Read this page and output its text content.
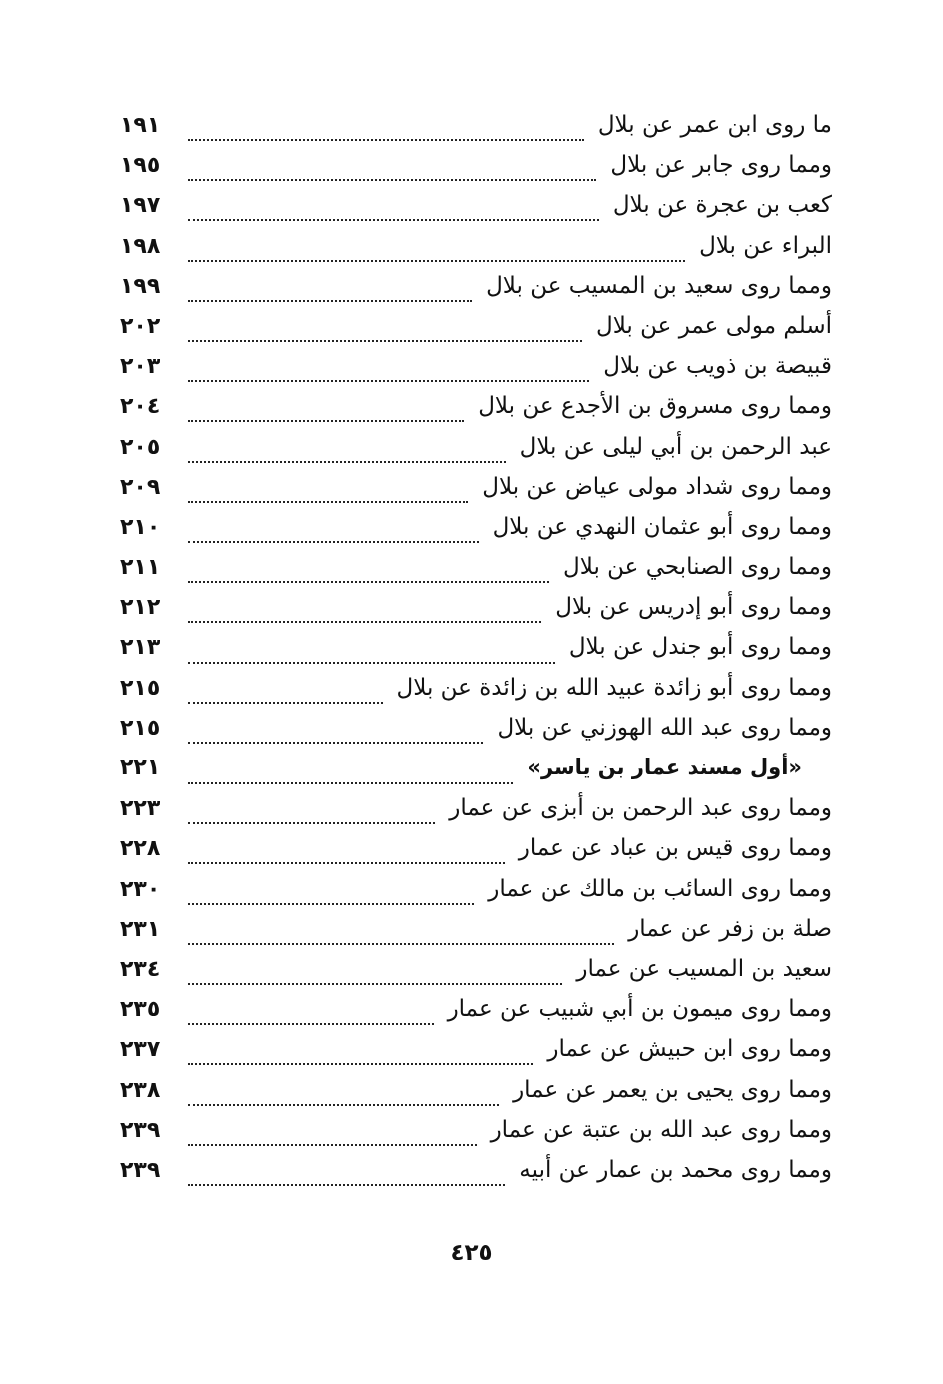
ما روى ابن عمر عن بلال
١٩١
ومما روى جابر عن بلال
١٩٥
كعب بن عجرة عن بلال
١٩٧
البراء عن بلال
١٩٨
ومما روى سعيد بن المسيب عن بلال
١٩٩
أسلم مولى عمر عن بلال
٢٠٢
قبيصة بن ذويب عن بلال
٢٠٣
ومما روى مسروق بن الأجدع عن بلال
٢٠٤
عبد الرحمن بن أبي ليلى عن بلال
٢٠٥
ومما روى شداد مولى عياض عن بلال
٢٠٩
ومما روى أبو عثمان النهدي عن بلال
٢١٠
ومما روى الصنابحي عن بلال
٢١١
ومما روى أبو إدريس عن بلال
٢١٢
ومما روى أبو جندل عن بلال
٢١٣
ومما روى أبو زائدة عبيد الله بن زائدة عن بلال
٢١٥
ومما روى عبد الله الهوزني عن بلال
٢١٥
«أول مسند عمار بن ياسر»
٢٢١
ومما روى عبد الرحمن بن أبزى عن عمار
٢٢٣
ومما روى قيس بن عباد عن عمار
٢٢٨
ومما روى السائب بن مالك عن عمار
٢٣٠
صلة بن زفر عن عمار
٢٣١
سعيد بن المسيب عن عمار
٢٣٤
ومما روى ميمون بن أبي شبيب عن عمار
٢٣٥
ومما روى ابن حبيش عن عمار
٢٣٧
ومما روى يحيى بن يعمر عن عمار
٢٣٨
ومما روى عبد الله بن عتبة عن عمار
٢٣٩
ومما روى محمد بن عمار عن أبيه
٢٣٩
٤٢٥
